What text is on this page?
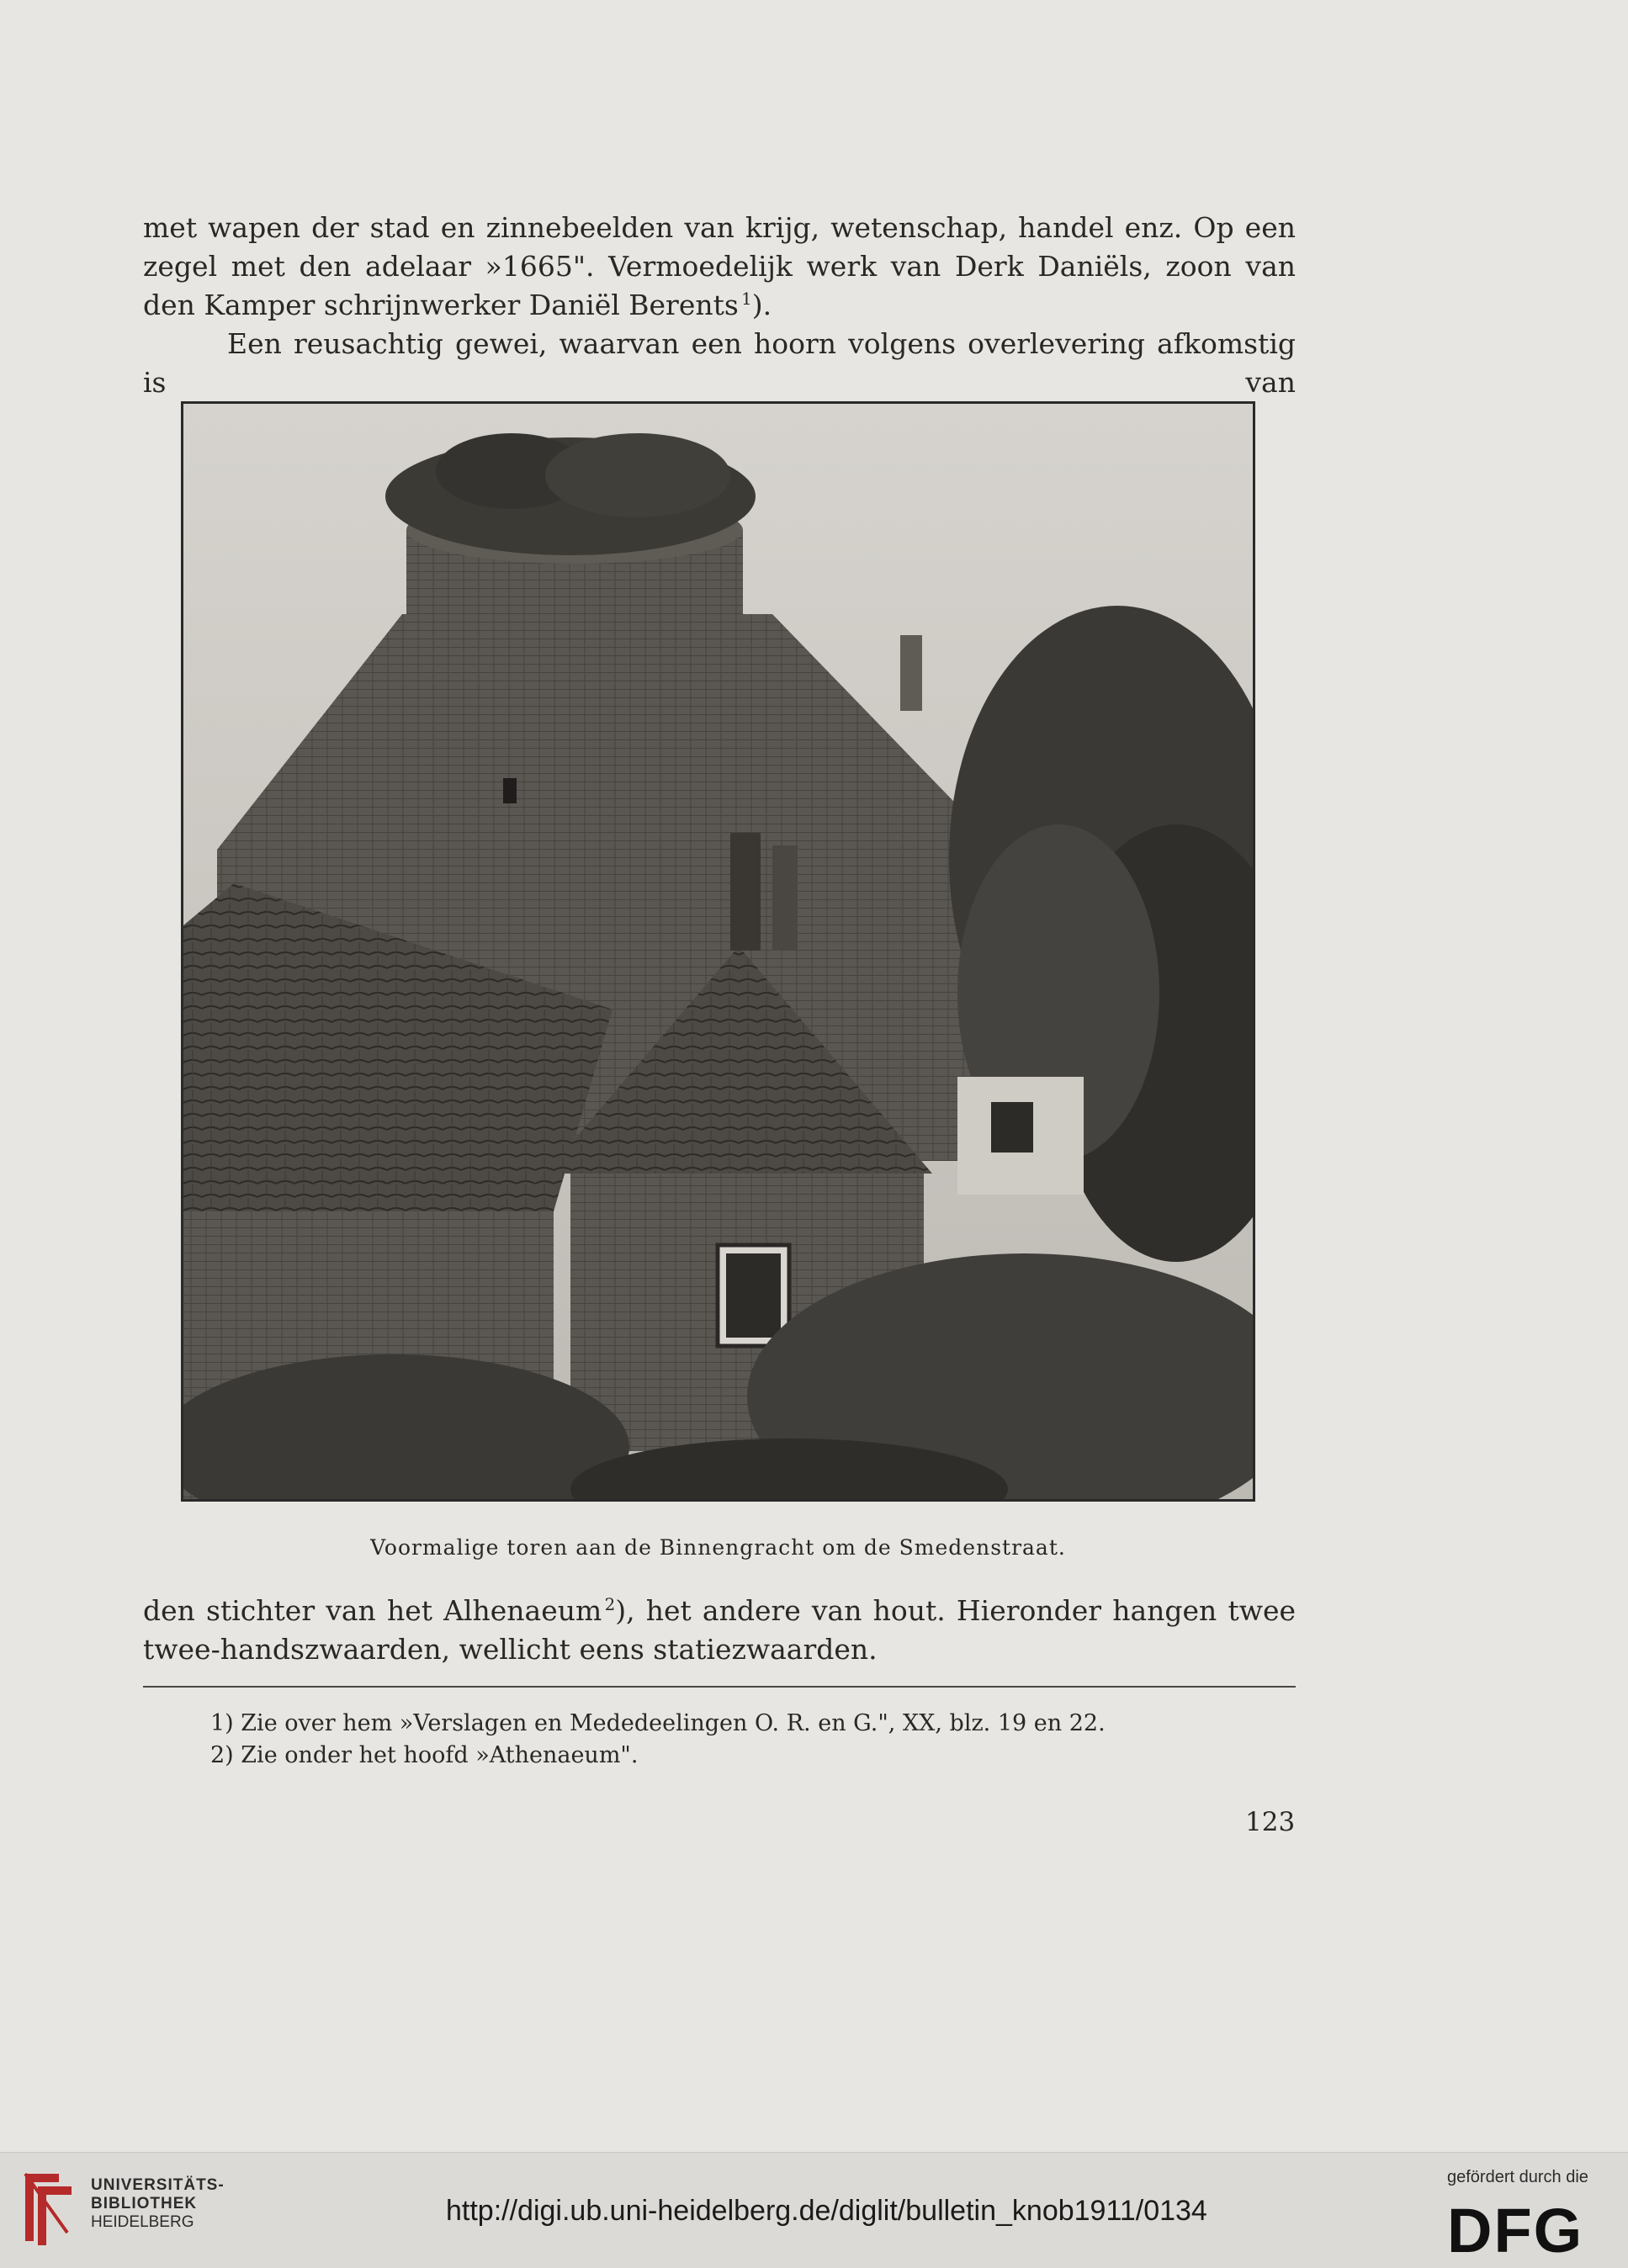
met wapen der stad en zinnebeelden van krijg, wetenschap, handel enz. Op een zegel met den adelaar »1665". Vermoedelijk werk van Derk Daniëls, zoon van den Kamper schrijnwerker Daniël Berents  $^1$).

Een reusachtig gewei, waarvan een hoorn volgens overlevering afkomstig is van

Voormalige toren aan de Binnengracht om de Smedenstraat.

den stichter van het Alhenaeum  $^2$), het andere van hout. Hieronder hangen twee twee-handszwaarden, wellicht eens statiezwaarden.

1) Zie over hem »Verslagen en Mededeelingen O. R. en G.", XX, blz. 19 en 22.
2) Zie onder het hoofd »Athenaeum".
123
UNIVERSITÄTS-
BIBLIOTHEK
HEIDELBERG	http://digi.ub.uni-heidelberg.de/diglit/bulletin_knob1911/0134
gefördert durch die
DFG
